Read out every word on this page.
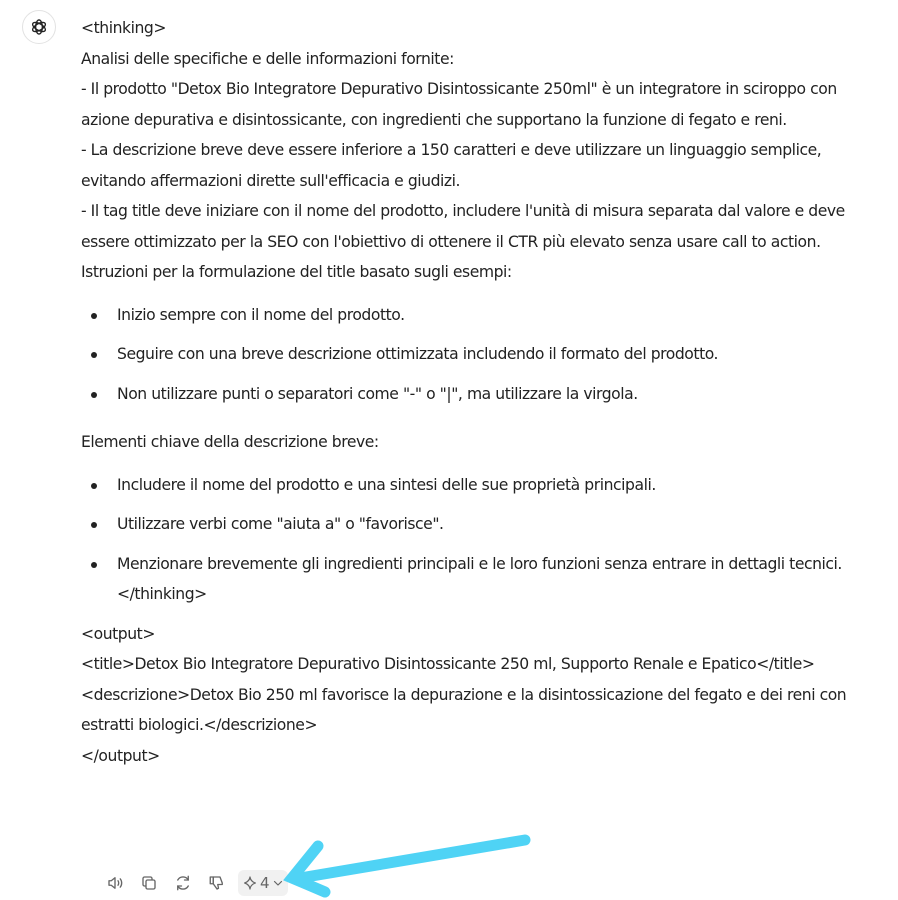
<thinking>

Analisi delle specifiche e delle informazioni fornite:

- Il prodotto "Detox Bio Integratore Depurativo Disintossicante 250ml" è un integratore in sciroppo con azione depurativa e disintossicante, con ingredienti che supportano la funzione di fegato e reni.

- La descrizione breve deve essere inferiore a 150 caratteri e deve utilizzare un linguaggio semplice, evitando affermazioni dirette sull'efficacia e giudizi.

- Il tag title deve iniziare con il nome del prodotto, includere l'unità di misura separata dal valore e deve essere ottimizzato per la SEO con l'obiettivo di ottenere il CTR più elevato senza usare call to action.

Istruzioni per la formulazione del title basato sugli esempi:

Inizio sempre con il nome del prodotto.
Seguire con una breve descrizione ottimizzata includendo il formato del prodotto.
Non utilizzare punti o separatori come "-" o "|", ma utilizzare la virgola.

Elementi chiave della descrizione breve:

Includere il nome del prodotto e una sintesi delle sue proprietà principali.
Utilizzare verbi come "aiuta a" o "favorisce".
Menzionare brevemente gli ingredienti principali e le loro funzioni senza entrare in dettagli tecnici.

</thinking>

<output>

<title>Detox Bio Integratore Depurativo Disintossicante 250 ml, Supporto Renale e Epatico</title>

<descrizione>Detox Bio 250 ml favorisce la depurazione e la disintossicazione del fegato e dei reni con estratti biologici.</descrizione>

</output>

4
